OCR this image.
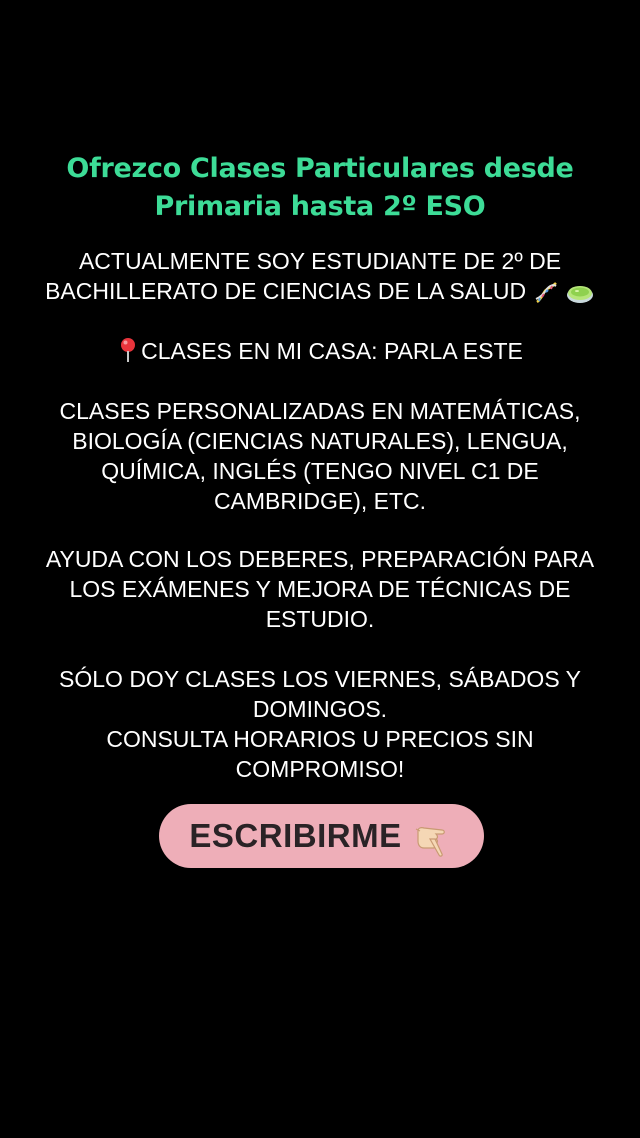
Ofrezco Clases Particulares desde
Primaria hasta 2º ESO
ACTUALMENTE SOY ESTUDIANTE DE 2º DE
BACHILLERATO DE CIENCIAS DE LA SALUD
CLASES EN MI CASA: PARLA ESTE
CLASES PERSONALIZADAS EN MATEMÁTICAS,
BIOLOGÍA (CIENCIAS NATURALES), LENGUA,
QUÍMICA, INGLÉS (TENGO NIVEL C1 DE
CAMBRIDGE), ETC.
AYUDA CON LOS DEBERES, PREPARACIÓN PARA
LOS EXÁMENES Y MEJORA DE TÉCNICAS DE
ESTUDIO.
SÓLO DOY CLASES LOS VIERNES, SÁBADOS Y
DOMINGOS.
CONSULTA HORARIOS U PRECIOS SIN
COMPROMISO!
ESCRIBIRME
